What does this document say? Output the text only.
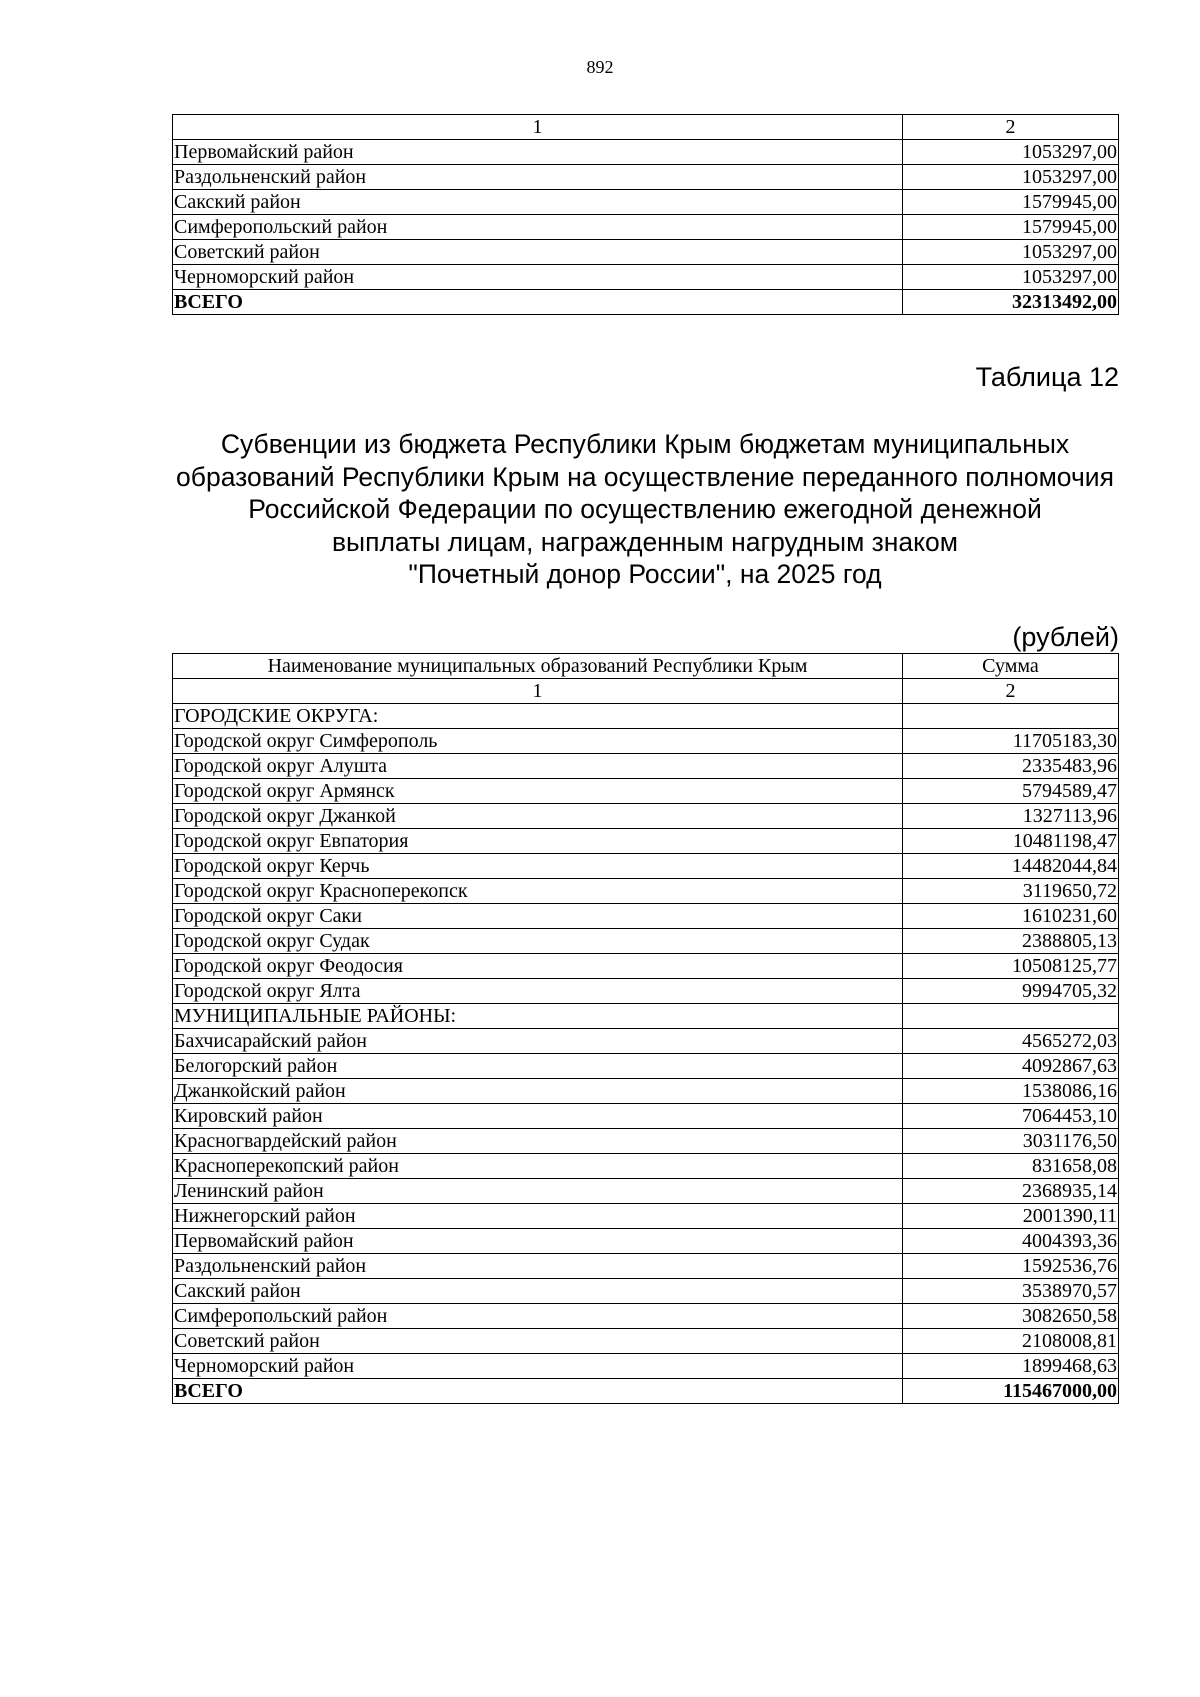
892
1	2
Первомайский район	1053297,00
Раздольненский район	1053297,00
Сакский район	1579945,00
Симферопольский район	1579945,00
Советский район	1053297,00
Черноморский район	1053297,00
ВСЕГО	32313492,00
Таблица 12
Субвенции из бюджета Республики Крым бюджетам муниципальных
образований Республики Крым на осуществление переданного полномочия
Российской Федерации по осуществлению ежегодной денежной
выплаты лицам, награжденным нагрудным знаком
"Почетный донор России", на 2025 год
(рублей)
Наименование муниципальных образований Республики Крым	Сумма
1	2
ГОРОДСКИЕ ОКРУГА:	
Городской округ Симферополь	11705183,30
Городской округ Алушта	2335483,96
Городской округ Армянск	5794589,47
Городской округ Джанкой	1327113,96
Городской округ Евпатория	10481198,47
Городской округ Керчь	14482044,84
Городской округ Красноперекопск	3119650,72
Городской округ Саки	1610231,60
Городской округ Судак	2388805,13
Городской округ Феодосия	10508125,77
Городской округ Ялта	9994705,32
МУНИЦИПАЛЬНЫЕ РАЙОНЫ:	
Бахчисарайский район	4565272,03
Белогорский район	4092867,63
Джанкойский район	1538086,16
Кировский район	7064453,10
Красногвардейский район	3031176,50
Красноперекопский район	831658,08
Ленинский район	2368935,14
Нижнегорский район	2001390,11
Первомайский район	4004393,36
Раздольненский район	1592536,76
Сакский район	3538970,57
Симферопольский район	3082650,58
Советский район	2108008,81
Черноморский район	1899468,63
ВСЕГО	115467000,00
